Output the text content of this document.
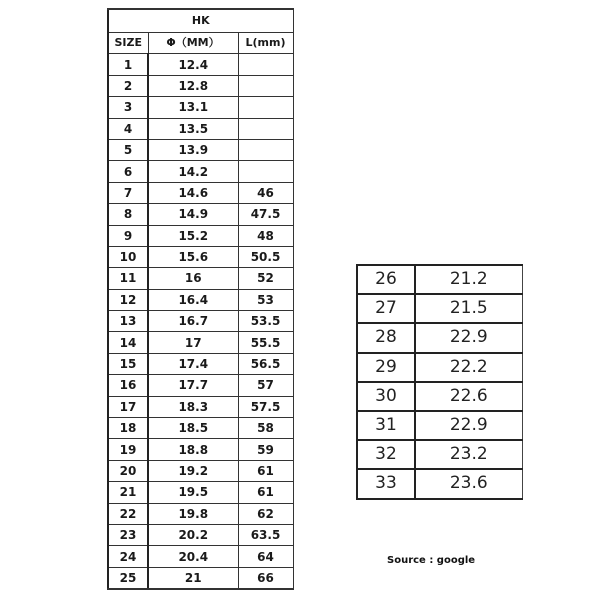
HK		
SIZE	Φ（MM）	L(mm)
1	12.4	
2	12.8	
3	13.1	
4	13.5	
5	13.9	
6	14.2	
7	14.6	46
8	14.9	47.5
9	15.2	48
10	15.6	50.5
11	16	52
12	16.4	53
13	16.7	53.5
14	17	55.5
15	17.4	56.5
16	17.7	57
17	18.3	57.5
18	18.5	58
19	18.8	59
20	19.2	61
21	19.5	61
22	19.8	62
23	20.2	63.5
24	20.4	64
25	21	66
26	21.2
27	21.5
28	22.9
29	22.2
30	22.6
31	22.9
32	23.2
33	23.6
Source : google
